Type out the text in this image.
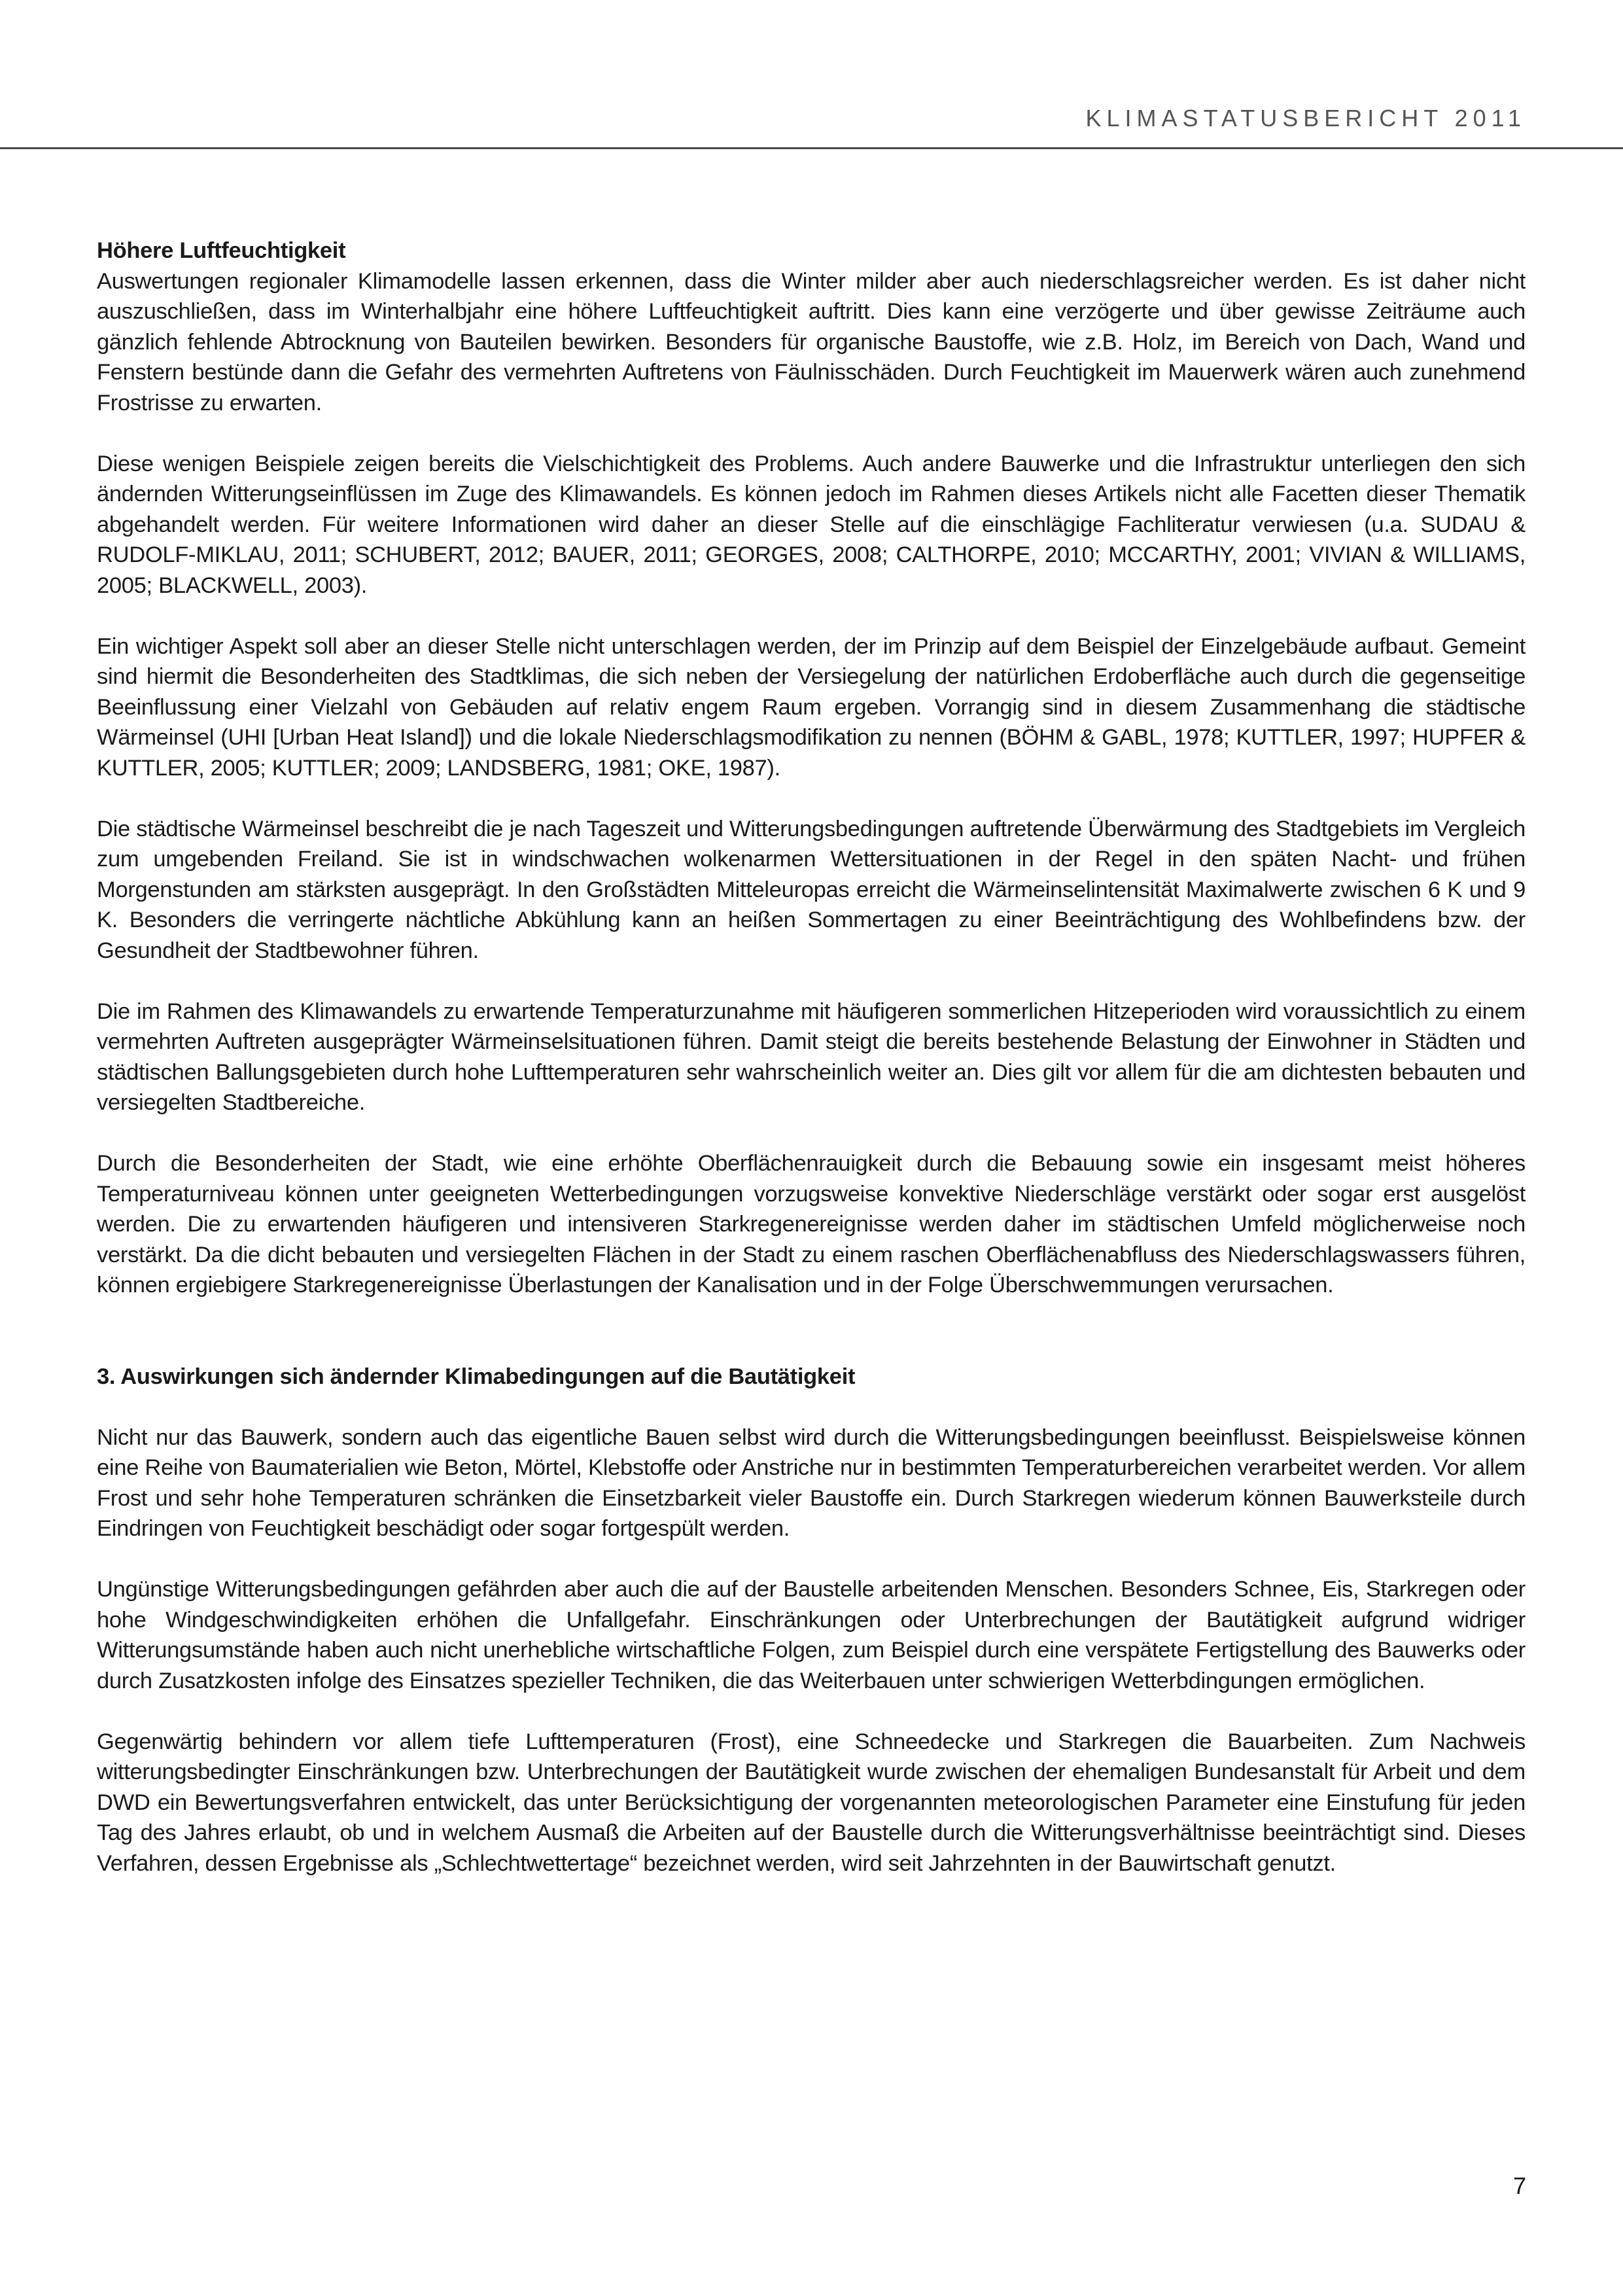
KLIMASTATUSBERICHT 2011
Höhere Luftfeuchtigkeit

Auswertungen regionaler Klimamodelle lassen erkennen, dass die Winter milder aber auch niederschlagsreicher werden. Es ist daher nicht auszuschließen, dass im Winterhalbjahr eine höhere Luftfeuchtigkeit auftritt. Dies kann eine verzögerte und über gewisse Zeiträume auch gänzlich fehlende Abtrocknung von Bauteilen bewirken. Besonders für organische Baustoffe, wie z.B. Holz, im Bereich von Dach, Wand und Fenstern bestünde dann die Gefahr des vermehrten Auftretens von Fäulnisschäden. Durch Feuchtigkeit im Mauerwerk wären auch zunehmend Frostrisse zu erwarten.

Diese wenigen Beispiele zeigen bereits die Vielschichtigkeit des Problems. Auch andere Bauwerke und die Infrastruktur unterliegen den sich ändernden Witterungseinflüssen im Zuge des Klimawandels. Es können jedoch im Rahmen dieses Artikels nicht alle Facetten dieser Thematik abgehandelt werden. Für weitere Informationen wird daher an dieser Stelle auf die einschlägige Fachliteratur verwiesen (u.a. SUDAU & RUDOLF-MIKLAU, 2011; SCHUBERT, 2012; BAUER, 2011; GEORGES, 2008; CALTHORPE, 2010; MCCARTHY, 2001; VIVIAN & WILLIAMS, 2005; BLACKWELL, 2003).

Ein wichtiger Aspekt soll aber an dieser Stelle nicht unterschlagen werden, der im Prinzip auf dem Beispiel der Einzelgebäude aufbaut. Gemeint sind hiermit die Besonderheiten des Stadtklimas, die sich neben der Versiegelung der natürlichen Erdoberfläche auch durch die gegenseitige Beeinflussung einer Vielzahl von Gebäuden auf relativ engem Raum ergeben. Vorrangig sind in diesem Zusammenhang die städtische Wärmeinsel (UHI [Urban Heat Island]) und die lokale Niederschlagsmodifikation zu nennen (BÖHM & GABL, 1978; KUTTLER, 1997; HUPFER & KUTTLER, 2005; KUTTLER; 2009; LANDSBERG, 1981; OKE, 1987).

Die städtische Wärmeinsel beschreibt die je nach Tageszeit und Witterungsbedingungen auftretende Überwärmung des Stadtgebiets im Vergleich zum umgebenden Freiland. Sie ist in windschwachen wolkenarmen Wettersituationen in der Regel in den späten Nacht- und frühen Morgenstunden am stärksten ausgeprägt. In den Großstädten Mitteleuropas erreicht die Wärmeinselintensität Maximalwerte zwischen 6 K und 9 K. Besonders die verringerte nächtliche Abkühlung kann an heißen Sommertagen zu einer Beeinträchtigung des Wohlbefindens bzw. der Gesundheit der Stadtbewohner führen.

Die im Rahmen des Klimawandels zu erwartende Temperaturzunahme mit häufigeren sommerlichen Hitzeperioden wird voraussichtlich zu einem vermehrten Auftreten ausgeprägter Wärmeinselsituationen führen. Damit steigt die bereits bestehende Belastung der Einwohner in Städten und städtischen Ballungsgebieten durch hohe Lufttemperaturen sehr wahrscheinlich weiter an. Dies gilt vor allem für die am dichtesten bebauten und versiegelten Stadtbereiche.

Durch die Besonderheiten der Stadt, wie eine erhöhte Oberflächenrauigkeit durch die Bebauung sowie ein insgesamt meist höheres Temperaturniveau können unter geeigneten Wetterbedingungen vorzugsweise konvektive Niederschläge verstärkt oder sogar erst ausgelöst werden. Die zu erwartenden häufigeren und intensiveren Starkregenereignisse werden daher im städtischen Umfeld möglicherweise noch verstärkt. Da die dicht bebauten und versiegelten Flächen in der Stadt zu einem raschen Oberflächenabfluss des Niederschlagswassers führen, können ergiebigere Starkregenereignisse Überlastungen der Kanalisation und in der Folge Überschwemmungen verursachen.

3. Auswirkungen sich ändernder Klimabedingungen auf die Bautätigkeit

Nicht nur das Bauwerk, sondern auch das eigentliche Bauen selbst wird durch die Witterungsbedingungen beeinflusst. Beispielsweise können eine Reihe von Baumaterialien wie Beton, Mörtel, Klebstoffe oder Anstriche nur in bestimmten Temperaturbereichen verarbeitet werden. Vor allem Frost und sehr hohe Temperaturen schränken die Einsetzbarkeit vieler Baustoffe ein. Durch Starkregen wiederum können Bauwerksteile durch Eindringen von Feuchtigkeit beschädigt oder sogar fortgespült werden.

Ungünstige Witterungsbedingungen gefährden aber auch die auf der Baustelle arbeitenden Menschen. Besonders Schnee, Eis, Starkregen oder hohe Windgeschwindigkeiten erhöhen die Unfallgefahr. Einschränkungen oder Unterbrechungen der Bautätigkeit aufgrund widriger Witterungsumstände haben auch nicht unerhebliche wirtschaftliche Folgen, zum Beispiel durch eine verspätete Fertigstellung des Bauwerks oder durch Zusatzkosten infolge des Einsatzes spezieller Techniken, die das Weiterbauen unter schwierigen Wetterbdingungen ermöglichen.

Gegenwärtig behindern vor allem tiefe Lufttemperaturen (Frost), eine Schneedecke und Starkregen die Bauarbeiten. Zum Nachweis witterungsbedingter Einschränkungen bzw. Unterbrechungen der Bautätigkeit wurde zwischen der ehemaligen Bundesanstalt für Arbeit und dem DWD ein Bewertungsverfahren entwickelt, das unter Berücksichtigung der vorgenannten meteorologischen Parameter eine Einstufung für jeden Tag des Jahres erlaubt, ob und in welchem Ausmaß die Arbeiten auf der Baustelle durch die Witterungsverhältnisse beeinträchtigt sind. Dieses Verfahren, dessen Ergebnisse als „Schlechtwettertage“ bezeichnet werden, wird seit Jahrzehnten in der Bauwirtschaft genutzt.

7
